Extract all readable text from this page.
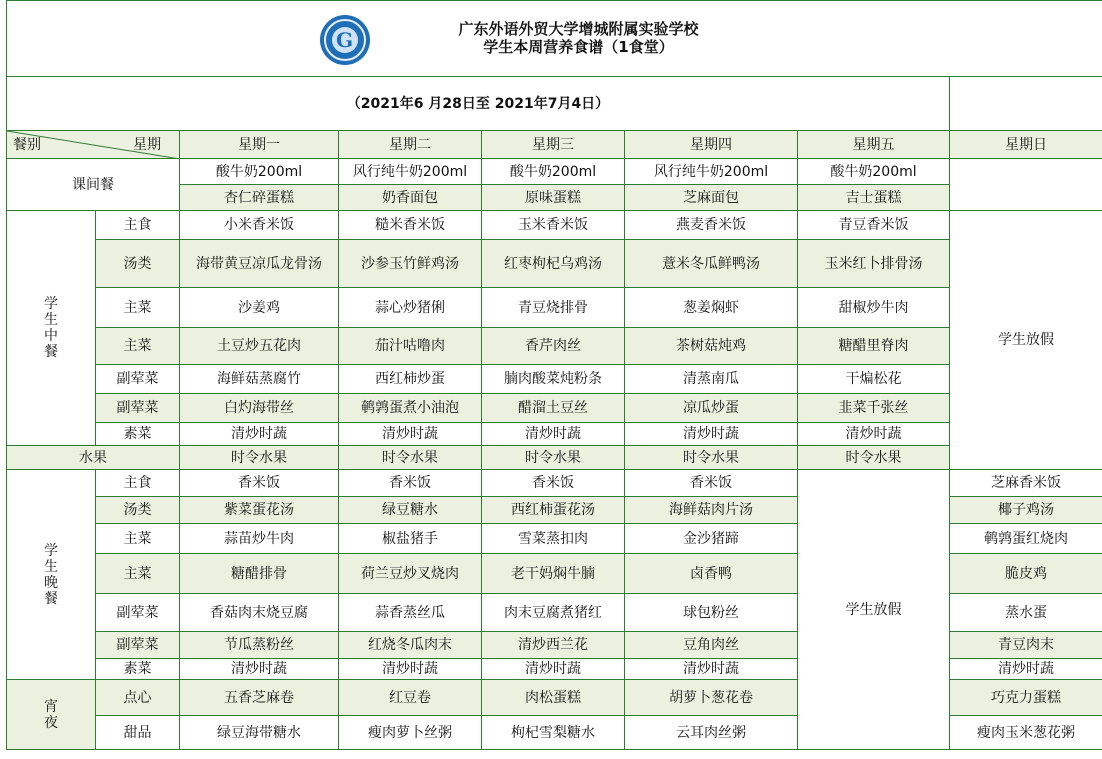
G 广东外语外贸大学增城附属实验学校
学生本周营养食谱（1食堂）							

（2021年6 月28日至 2021年7月4日）							

餐别 星期		星期一	星期二	星期三	星期四	星期五	星期日
课间餐		酸牛奶200ml	风行纯牛奶200ml	酸牛奶200ml	风行纯牛奶200ml	酸牛奶200ml	
		杏仁碎蛋糕	奶香面包	原味蛋糕	芝麻面包	吉士蛋糕	
学
生
中
餐	主食	小米香米饭	糙米香米饭	玉米香米饭	燕麦香米饭	青豆香米饭	学生放假
	汤类	海带黄豆凉瓜龙骨汤	沙参玉竹鲜鸡汤	红枣枸杞乌鸡汤	薏米冬瓜鲜鸭汤	玉米红卜排骨汤	
	主菜	沙姜鸡	蒜心炒猪俐	青豆烧排骨	葱姜焖虾	甜椒炒牛肉	
	主菜	土豆炒五花肉	茄汁咕噜肉	香芹肉丝	茶树菇炖鸡	糖醋里脊肉	
	副荤菜	海鲜菇蒸腐竹	西红柿炒蛋	腩肉酸菜炖粉条	清蒸南瓜	干煸松花	
	副荤菜	白灼海带丝	鹌鹑蛋煮小油泡	醋溜土豆丝	凉瓜炒蛋	韭菜千张丝	
	素菜	清炒时蔬	清炒时蔬	清炒时蔬	清炒时蔬	清炒时蔬	
水果		时令水果	时令水果	时令水果	时令水果	时令水果	
学
生
晚
餐	主食	香米饭	香米饭	香米饭	香米饭	学生放假	芝麻香米饭
	汤类	紫菜蛋花汤	绿豆糖水	西红柿蛋花汤	海鲜菇肉片汤		椰子鸡汤
	主菜	蒜苗炒牛肉	椒盐猪手	雪菜蒸扣肉	金沙猪蹄		鹌鹑蛋红烧肉
	主菜	糖醋排骨	荷兰豆炒叉烧肉	老干妈焖牛腩	卤香鸭		脆皮鸡
	副荤菜	香菇肉末烧豆腐	蒜香蒸丝瓜	肉末豆腐煮猪红	球包粉丝		蒸水蛋
	副荤菜	节瓜蒸粉丝	红烧冬瓜肉末	清炒西兰花	豆角肉丝		青豆肉末
	素菜	清炒时蔬	清炒时蔬	清炒时蔬	清炒时蔬		清炒时蔬
宵
夜	点心	五香芝麻卷	红豆卷	肉松蛋糕	胡萝卜葱花卷		巧克力蛋糕
	甜品	绿豆海带糖水	瘦肉萝卜丝粥	枸杞雪梨糖水	云耳肉丝粥		瘦肉玉米葱花粥
